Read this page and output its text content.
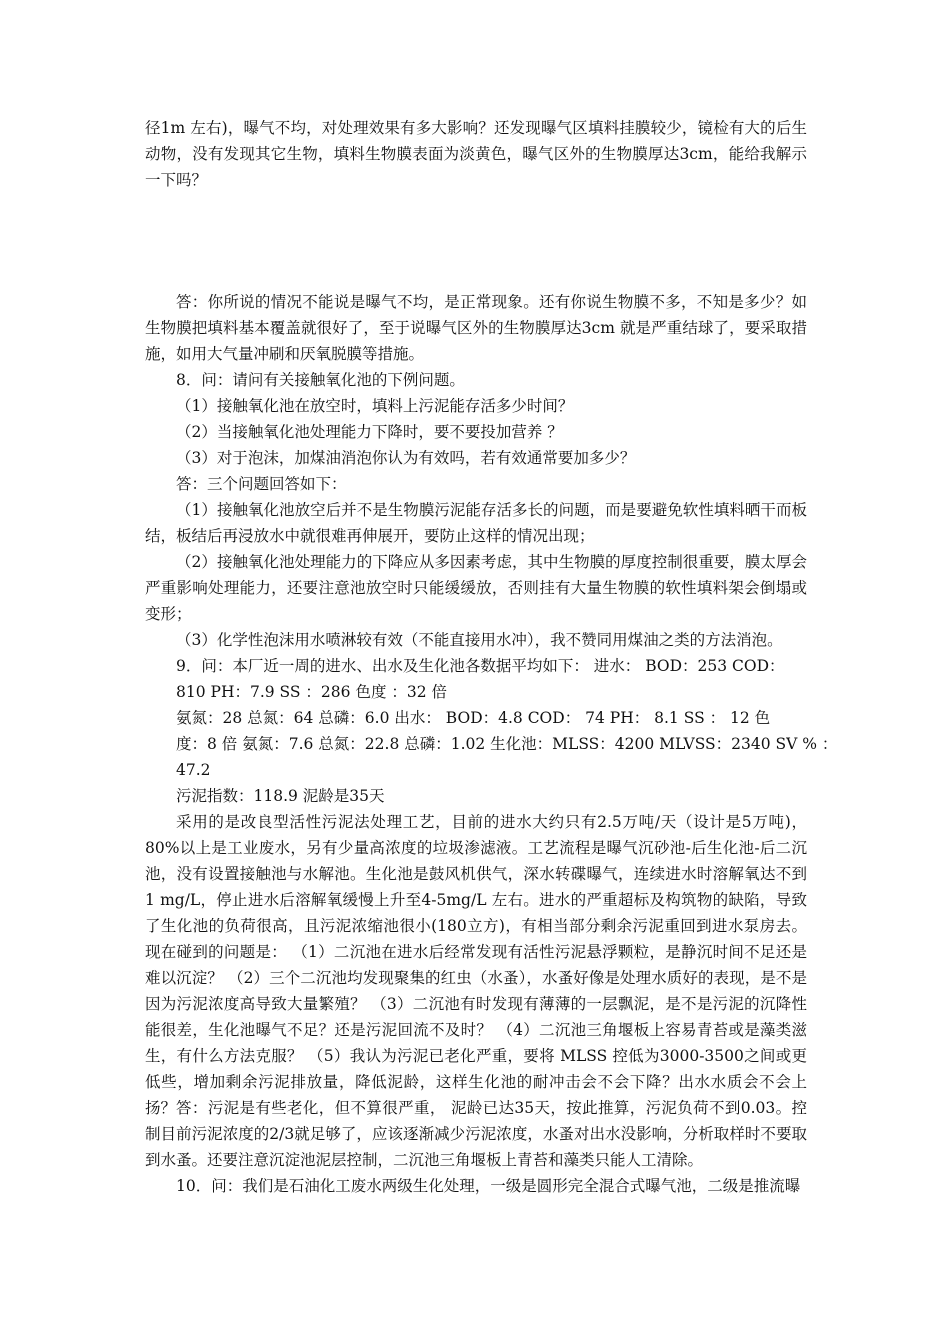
径1m 左右)，曝气不均，对处理效果有多大影响？还发现曝气区填料挂膜较少，镜检有大的后生动物，没有发现其它生物，填料生物膜表面为淡黄色，曝气区外的生物膜厚达3cm，能给我解示一下吗？

答：你所说的情况不能说是曝气不均，是正常现象。还有你说生物膜不多，不知是多少？如生物膜把填料基本覆盖就很好了，至于说曝气区外的生物膜厚达3cm 就是严重结球了，要采取措施，如用大气量冲刷和厌氧脱膜等措施。

8．问：请问有关接触氧化池的下例问题。

（1）接触氧化池在放空时，填料上污泥能存活多少时间？

（2）当接触氧化池处理能力下降时，要不要投加营养 ？

（3）对于泡沫，加煤油消泡你认为有效吗，若有效通常要加多少？

答：三个问题回答如下：

（1）接触氧化池放空后并不是生物膜污泥能存活多长的问题，而是要避免软性填料晒干而板结，板结后再浸放水中就很难再伸展开，要防止这样的情况出现；

（2）接触氧化池处理能力的下降应从多因素考虑，其中生物膜的厚度控制很重要，膜太厚会严重影响处理能力，还要注意池放空时只能缓缓放，否则挂有大量生物膜的软性填料架会倒塌或变形；

（3）化学性泡沫用水喷淋较有效（不能直接用水冲），我不赞同用煤油之类的方法消泡。

9．问：本厂近一周的进水、出水及生化池各数据平均如下： 进水： BOD：253 COD：

810 PH：7.9 SS ：286 色度 ：32 倍

氨氮：28 总氮：64 总磷：6.0 出水： BOD：4.8 COD： 74 PH： 8.1 SS ： 12 色

度：8 倍 氨氮：7.6 总氮：22.8 总磷：1.02 生化池：MLSS：4200 MLVSS：2340 SV % ：

47.2

污泥指数：118.9 泥龄是35天

采用的是改良型活性污泥法处理工艺，目前的进水大约只有2.5万吨/天（设计是5万吨)，80%以上是工业废水，另有少量高浓度的垃圾渗滤液。工艺流程是曝气沉砂池-后生化池-后二沉池，没有设置接触池与水解池。生化池是鼓风机供气，深水转碟曝气，连续进水时溶解氧达不到 1 mg/L，停止进水后溶解氧缓慢上升至4-5mg/L 左右。进水的严重超标及构筑物的缺陷，导致了生化池的负荷很高，且污泥浓缩池很小(180立方)，有相当部分剩余污泥重回到进水泵房去。 现在碰到的问题是： （1）二沉池在进水后经常发现有活性污泥悬浮颗粒，是静沉时间不足还是难以沉淀？ （2）三个二沉池均发现聚集的红虫（水蚤），水蚤好像是处理水质好的表现，是不是因为污泥浓度高导致大量繁殖？ （3）二沉池有时发现有薄薄的一层飘泥，是不是污泥的沉降性能很差，生化池曝气不足？还是污泥回流不及时？ （4）二沉池三角堰板上容易青苔或是藻类滋生，有什么方法克服？ （5）我认为污泥已老化严重，要将 MLSS 控低为3000-3500之间或更低些，增加剩余污泥排放量，降低泥龄，这样生化池的耐冲击会不会下降？出水水质会不会上扬？ 答：污泥是有些老化，但不算很严重， 泥龄已达35天，按此推算，污泥负荷不到0.03。控制目前污泥浓度的2/3就足够了，应该逐渐减少污泥浓度，水蚤对出水没影响，分析取样时不要取到水蚤。还要注意沉淀池泥层控制，二沉池三角堰板上青苔和藻类只能人工清除。

10．问：我们是石油化工废水两级生化处理，一级是圆形完全混合式曝气池，二级是推流曝
